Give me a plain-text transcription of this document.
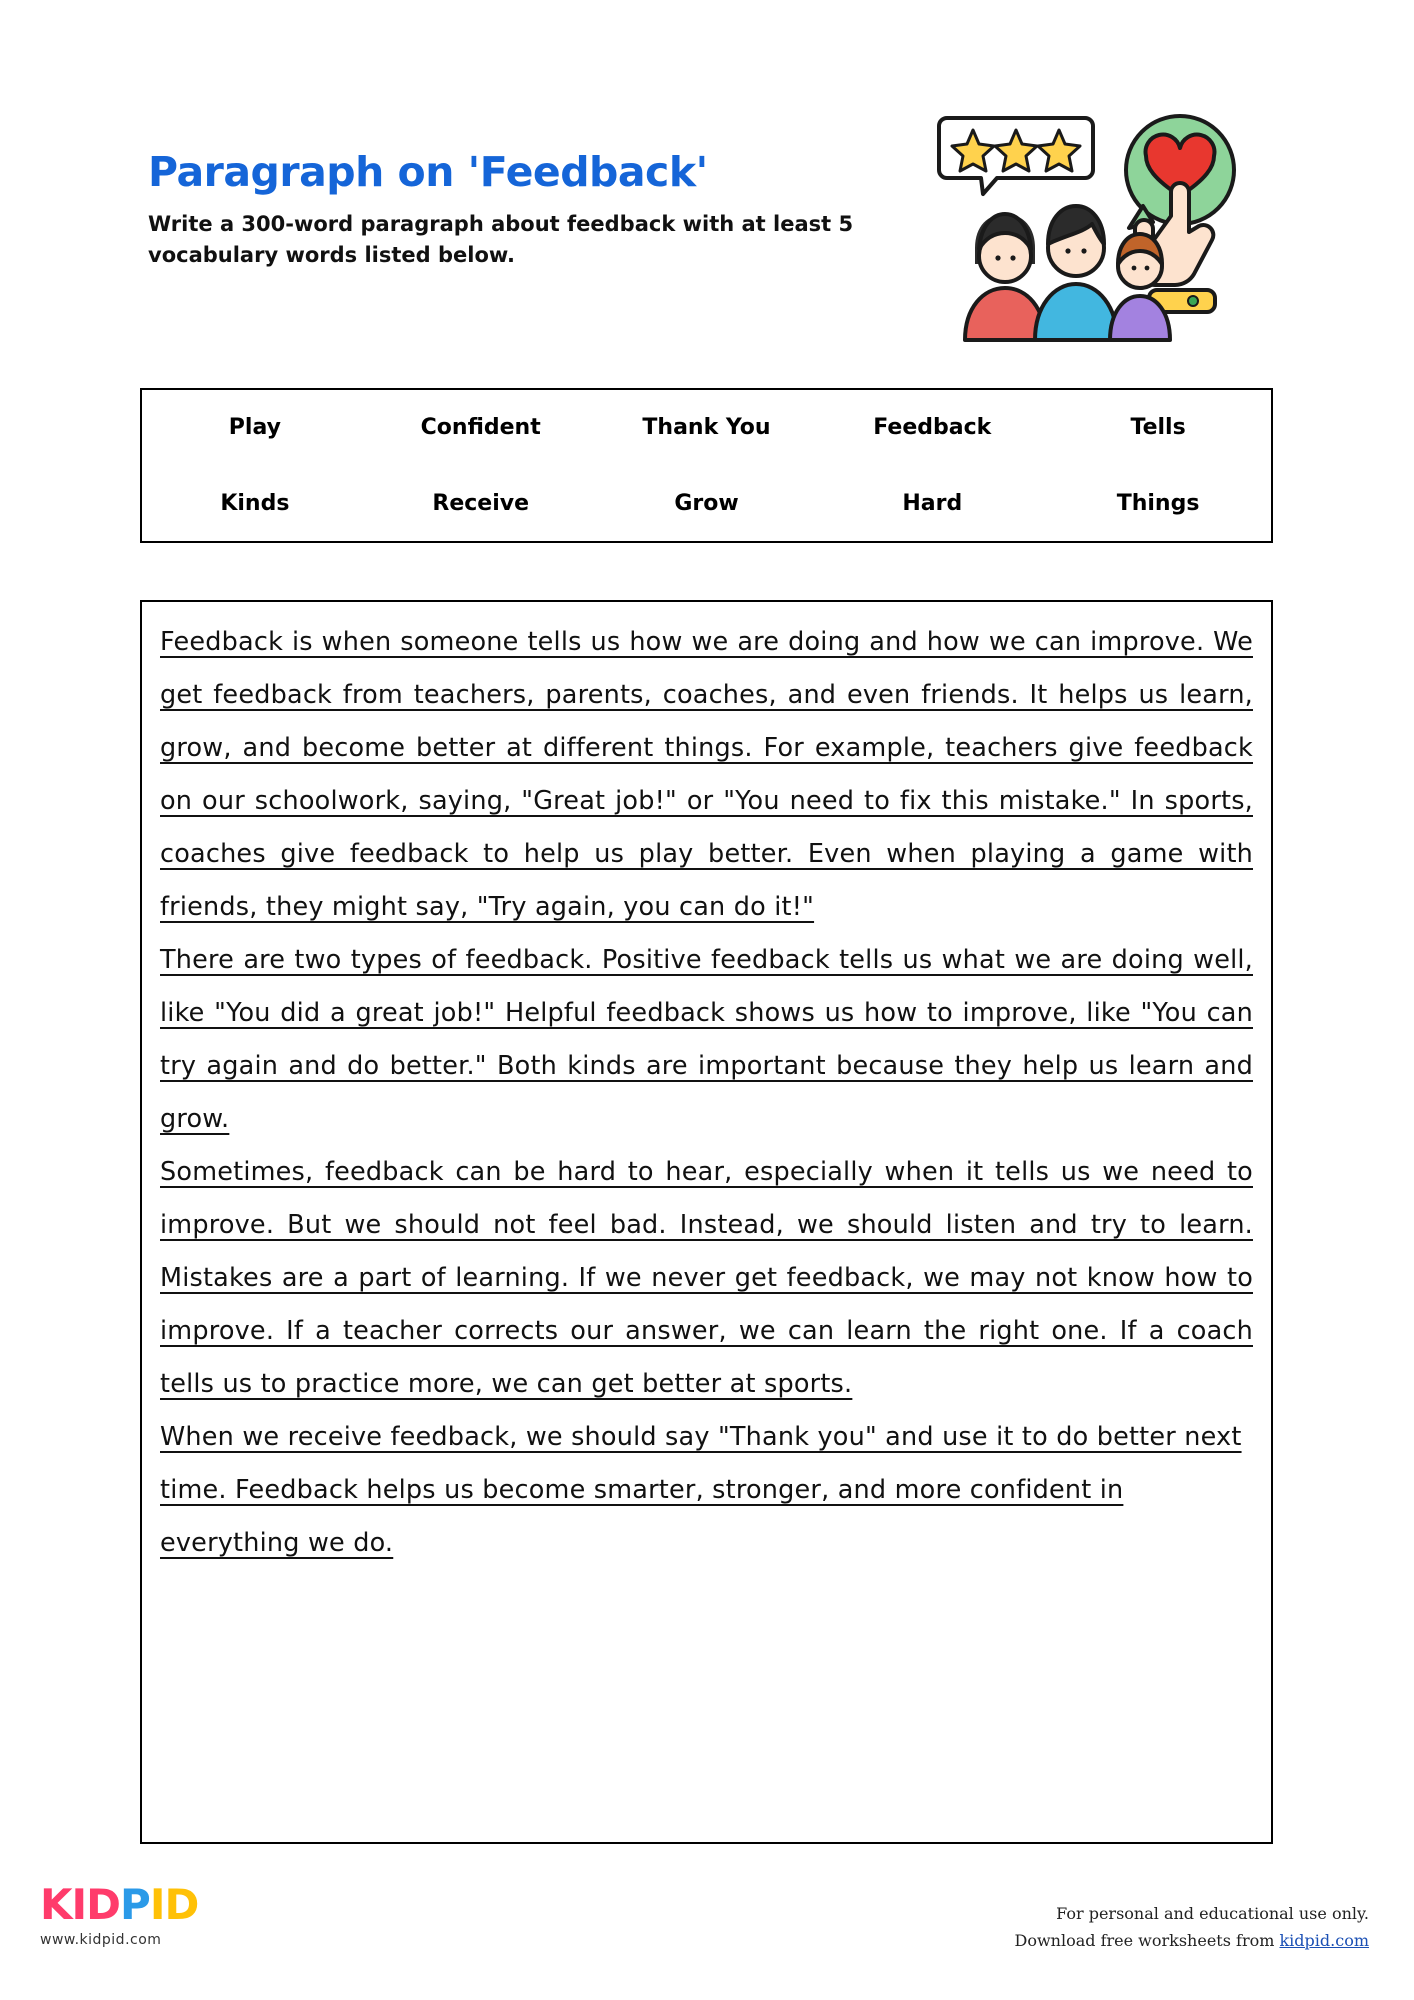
Paragraph on 'Feedback'

Write a 300-word paragraph about feedback with at least 5 vocabulary words listed below.

Play	Confident	Thank You	Feedback	Tells
Kinds	Receive	Grow	Hard	Things

Feedback is when someone tells us how we are doing and how we can improve. We get feedback from teachers, parents, coaches, and even friends. It helps us learn, grow, and become better at different things. For example, teachers give feedback on our schoolwork, saying, "Great job!" or "You need to fix this mistake." In sports, coaches give feedback to help us play better. Even when playing a game with friends, they might say, "Try again, you can do it!"

There are two types of feedback. Positive feedback tells us what we are doing well, like "You did a great job!" Helpful feedback shows us how to improve, like "You can try again and do better." Both kinds are important because they help us learn and grow.

Sometimes, feedback can be hard to hear, especially when it tells us we need to improve. But we should not feel bad. Instead, we should listen and try to learn. Mistakes are a part of learning. If we never get feedback, we may not know how to improve. If a teacher corrects our answer, we can learn the right one. If a coach tells us to practice more, we can get better at sports.

When we receive feedback, we should say "Thank you" and use it to do better next time. Feedback helps us become smarter, stronger, and more confident in everything we do.

KIDPID
www.kidpid.com
For personal and educational use only.
Download free worksheets from kidpid.com
